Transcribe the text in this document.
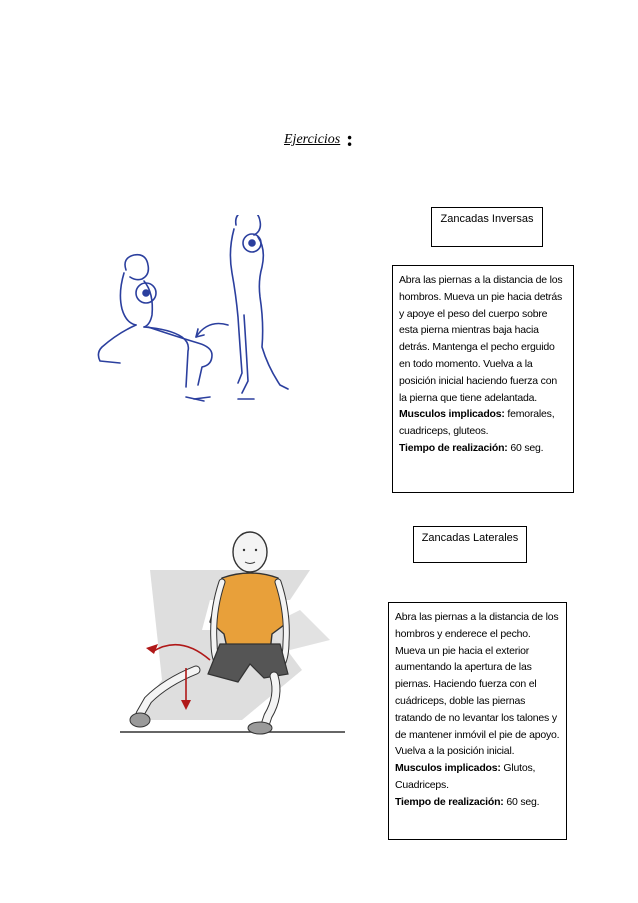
Ejercicios :
Zancadas Inversas

Abra las piernas a la distancia de los hombros. Mueva un pie hacia detrás y apoye el peso del cuerpo sobre esta pierna mientras baja hacia detrás. Mantenga el pecho erguido en todo momento. Vuelva a la posición inicial haciendo fuerza con la pierna que tiene adelantada.

Musculos implicados: femorales, cuadriceps, gluteos.

Tiempo de realización: 60 seg.

Zancadas Laterales

Abra las piernas a la distancia de los hombros y enderece el pecho. Mueva un pie hacia el exterior aumentando la apertura de las piernas. Haciendo fuerza con el cuádriceps, doble las piernas tratando de no levantar los talones y de mantener inmóvil el pie de apoyo. Vuelva a la posición inicial.

Musculos implicados: Glutos, Cuadriceps.

Tiempo de realización: 60 seg.
